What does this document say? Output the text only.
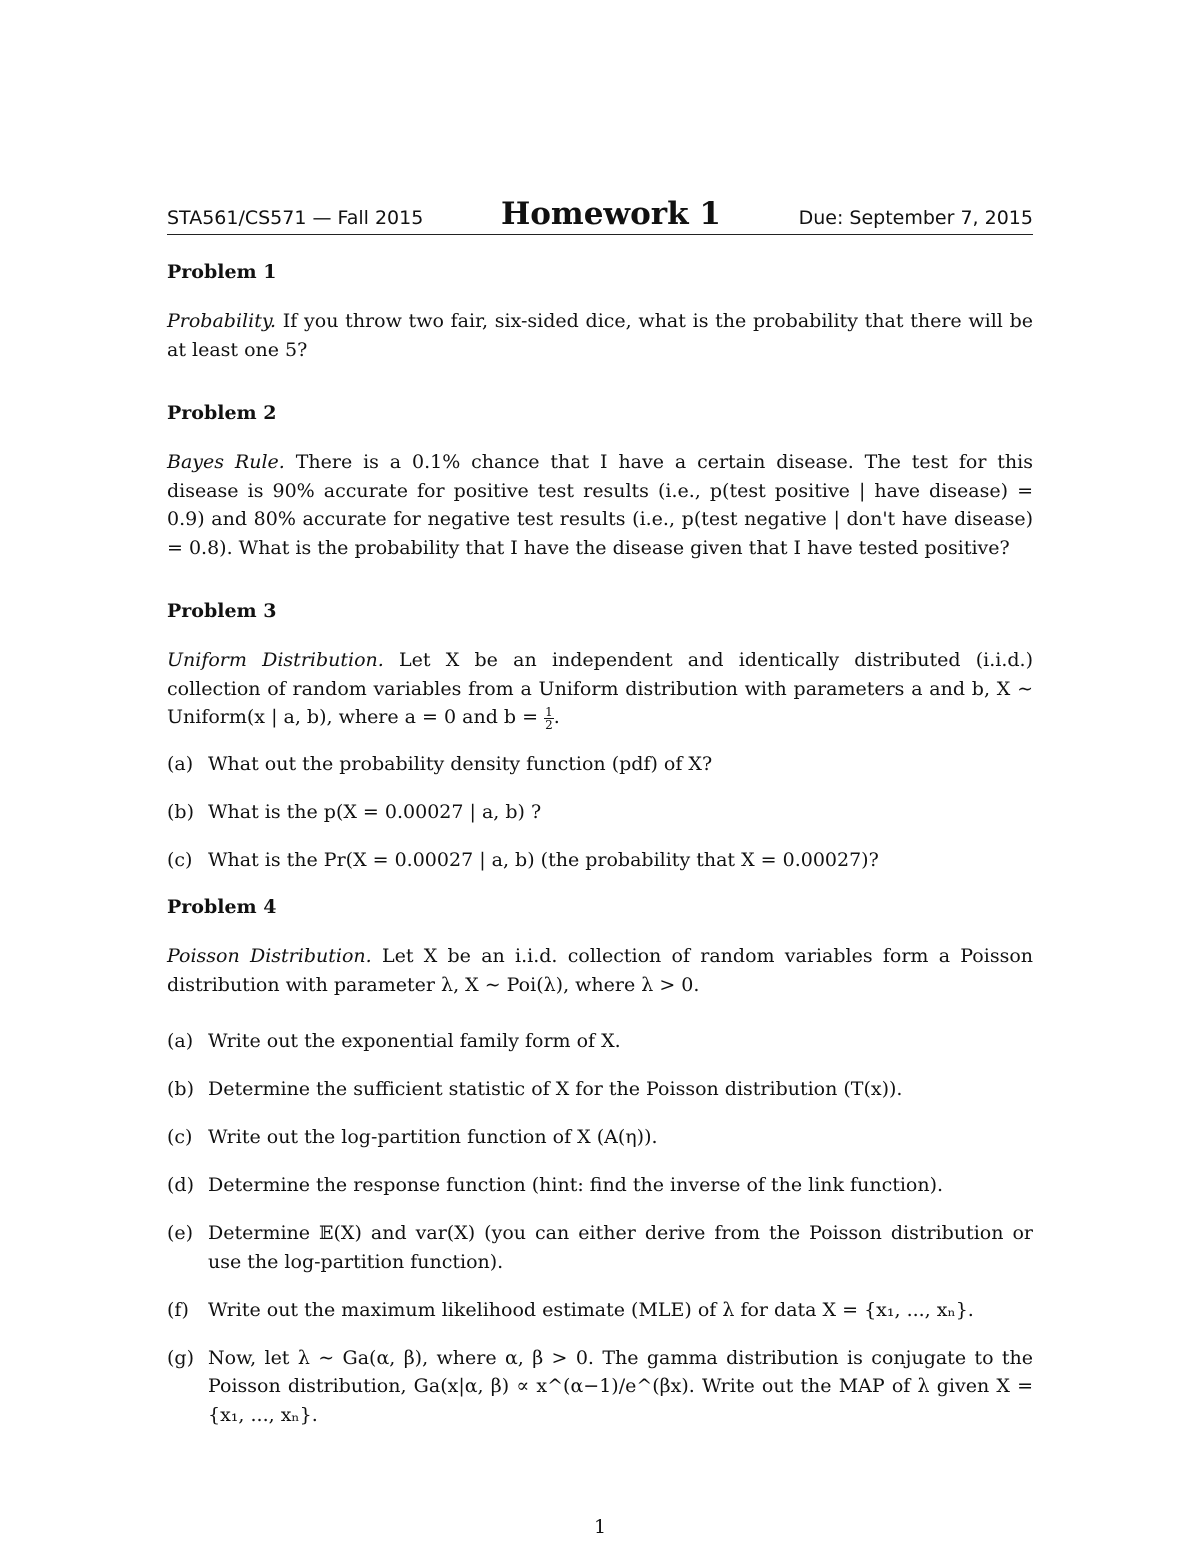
STA561/CS571 — Fall 2015	Homework 1	Due: September 7, 2015
Problem 1

Probability. If you throw two fair, six-sided dice, what is the probability that there will be at least one 5?

Problem 2

Bayes Rule. There is a 0.1% chance that I have a certain disease. The test for this disease is 90% accurate for positive test results (i.e., p(test positive | have disease) = 0.9) and 80% accurate for negative test results (i.e., p(test negative | don't have disease) = 0.8). What is the probability that I have the disease given that I have tested positive?

Problem 3

Uniform Distribution. Let X be an independent and identically distributed (i.i.d.) collection of random variables from a Uniform distribution with parameters a and b, X ∼ Uniform(x | a, b), where a = 0 and $b = \frac{1}{2}$ .

(a) What out the probability density function (pdf) of X?
(b) What is the p(X = 0.00027 | a, b) ?
(c) What is the Pr(X = 0.00027 | a, b) (the probability that X = 0.00027)?
Problem 4

Poisson Distribution. Let X be an i.i.d. collection of random variables form a Poisson distribution with parameter λ, X ∼ Poi(λ), where λ > 0.

(a) Write out the exponential family form of X.
(b) Determine the sufficient statistic of X for the Poisson distribution (T(x)).
(c) Write out the log-partition function of X (A(η)).
(d) Determine the response function (hint: find the inverse of the link function).
(e) Determine 𝔼(X) and var(X) (you can either derive from the Poisson distribution or use the log-partition function).
(f)	Write out the maximum likelihood estimate (MLE) of λ for data X = {x₁, ..., xₙ}.
(g) Now, let λ ∼ Ga(α, β), where α, β > 0. The gamma distribution is conjugate to the Poisson distribution, Ga(x|α, β) ∝ x^(α−1)/e^(βx). Write out the MAP of λ given X = {x₁, ..., xₙ}.
1
